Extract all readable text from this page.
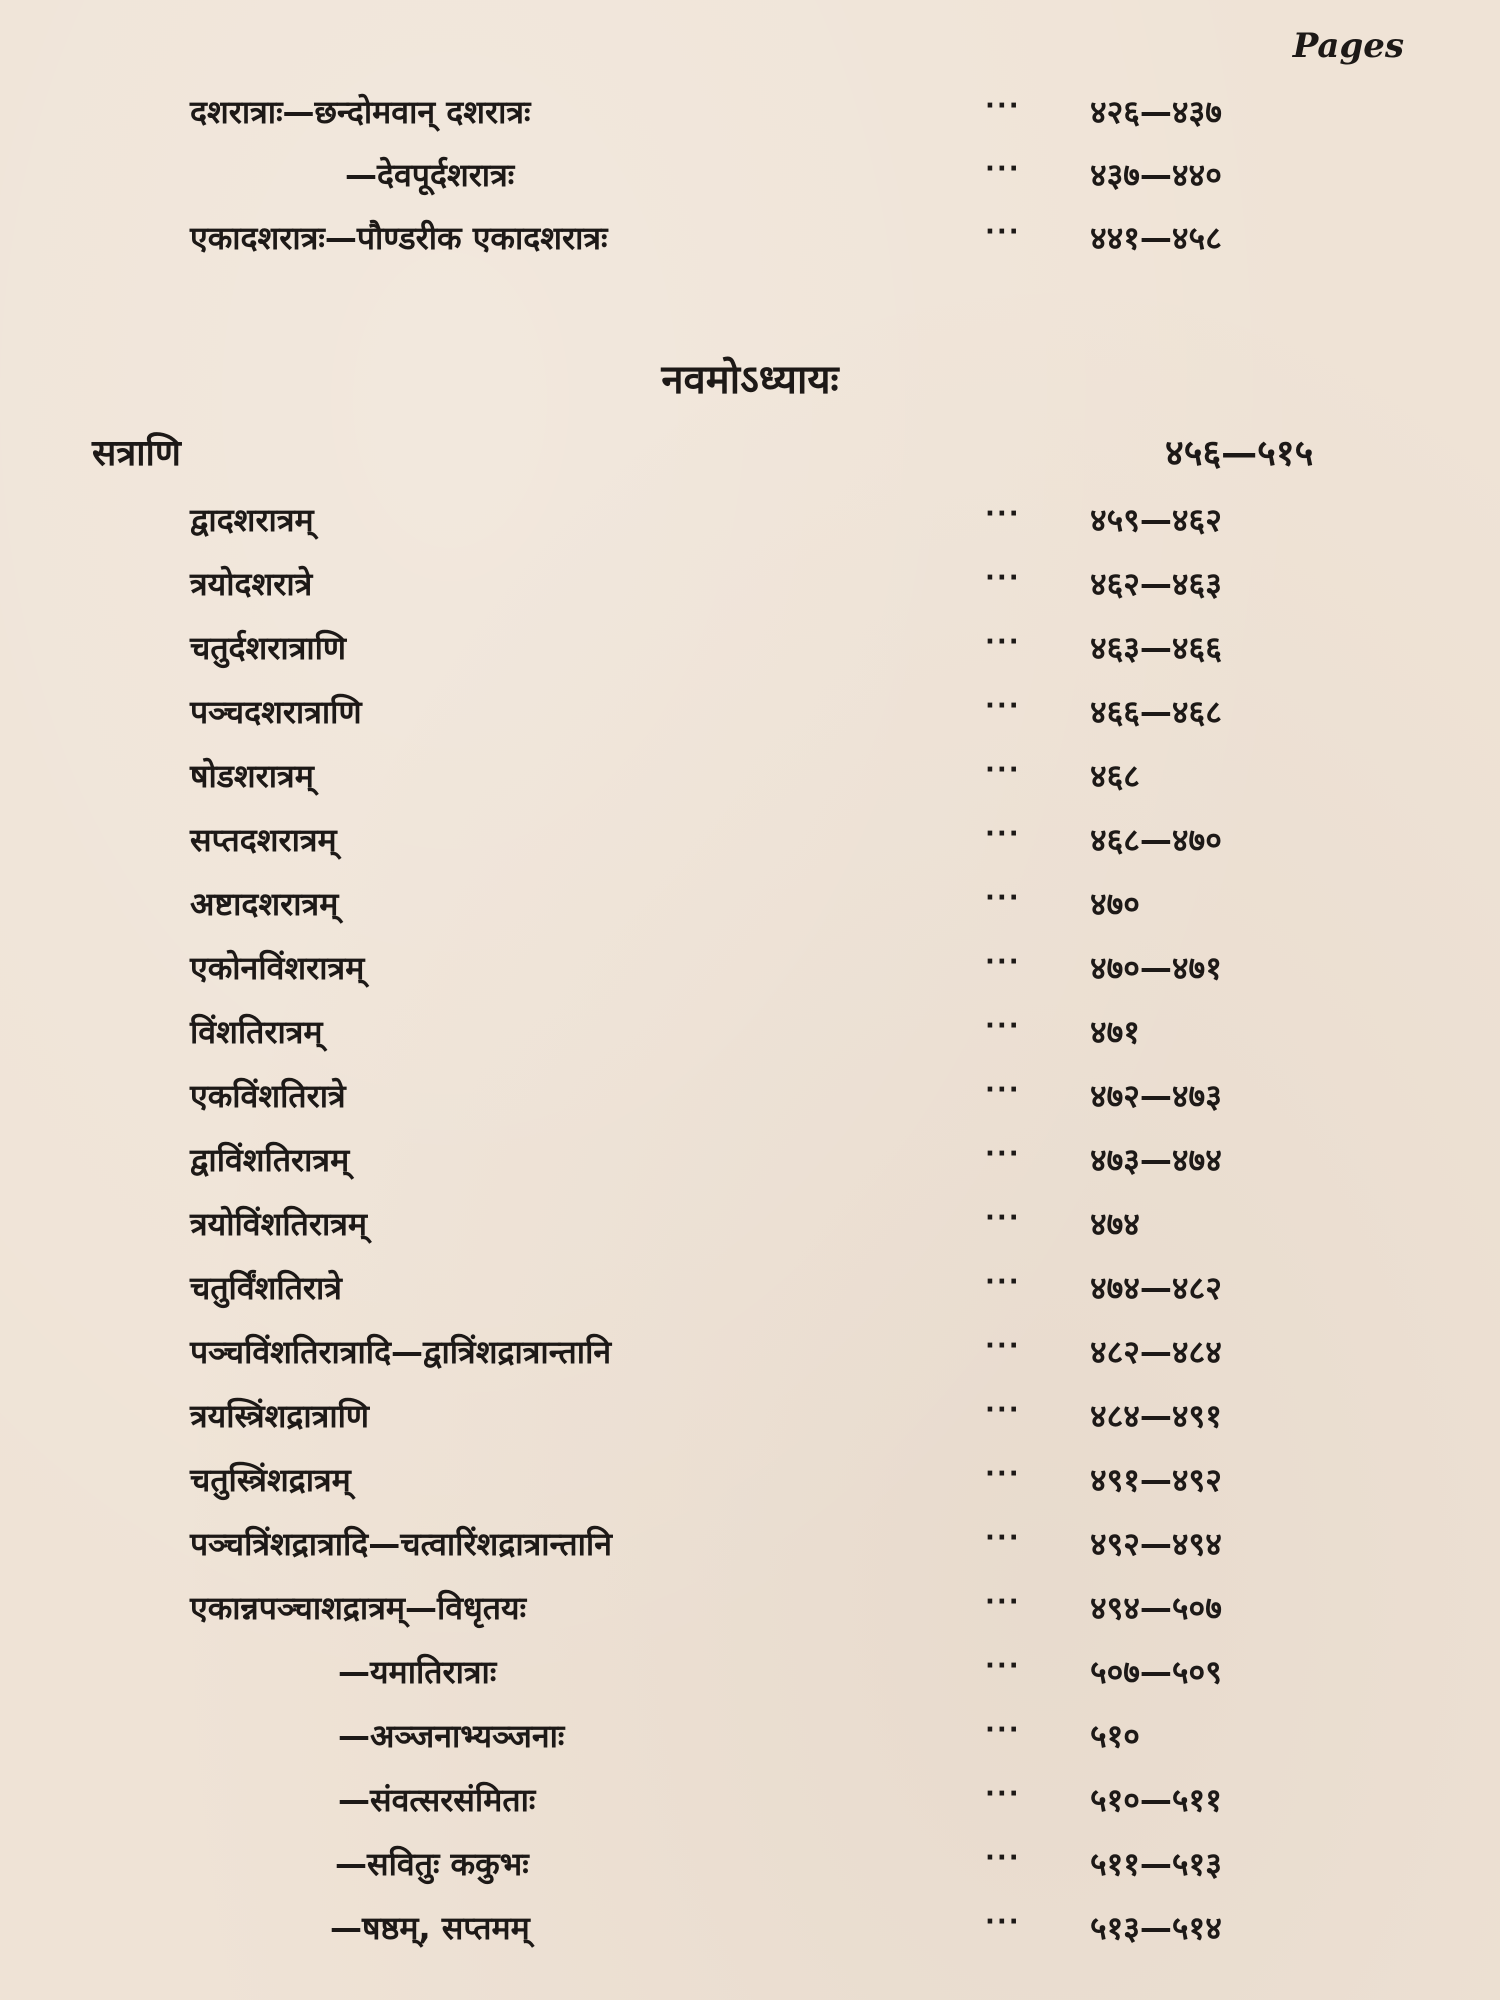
Pages
दशरात्राः—छन्दोमवान् दशरात्रः	··· ४२६—४३७
—देवपूर्दशरात्रः	··· ४३७—४४०
एकादशरात्रः—पौण्डरीक एकादशरात्रः	··· ४४१—४५८
नवमोऽध्यायः
सत्राणि	४५६—५१५
द्वादशरात्रम्	··· ४५९—४६२
त्रयोदशरात्रे	··· ४६२—४६३
चतुर्दशरात्राणि	··· ४६३—४६६
पञ्चदशरात्राणि	··· ४६६—४६८
षोडशरात्रम्	··· ४६८
सप्तदशरात्रम्	··· ४६८—४७०
अष्टादशरात्रम्	··· ४७०
एकोनविंशरात्रम्	··· ४७०—४७१
विंशतिरात्रम्	··· ४७१
एकविंशतिरात्रे	··· ४७२—४७३
द्वाविंशतिरात्रम्	··· ४७३—४७४
त्रयोविंशतिरात्रम्	··· ४७४
चतुर्विंशतिरात्रे	··· ४७४—४८२
पञ्चविंशतिरात्रादि—द्वात्रिंशद्रात्रान्तानि	··· ४८२—४८४
त्रयस्त्रिंशद्रात्राणि	··· ४८४—४९१
चतुस्त्रिंशद्रात्रम्	··· ४९१—४९२
पञ्चत्रिंशद्रात्रादि—चत्वारिंशद्रात्रान्तानि	··· ४९२—४९४
एकान्नपञ्चाशद्रात्रम्—विधृतयः	··· ४९४—५०७
—यमातिरात्राः	··· ५०७—५०९
—अञ्जनाभ्यञ्जनाः	··· ५१०
—संवत्सरसंमिताः	··· ५१०—५११
—सवितुः ककुभः	··· ५११—५१३
—षष्ठम्, सप्तमम्	··· ५१३—५१४
